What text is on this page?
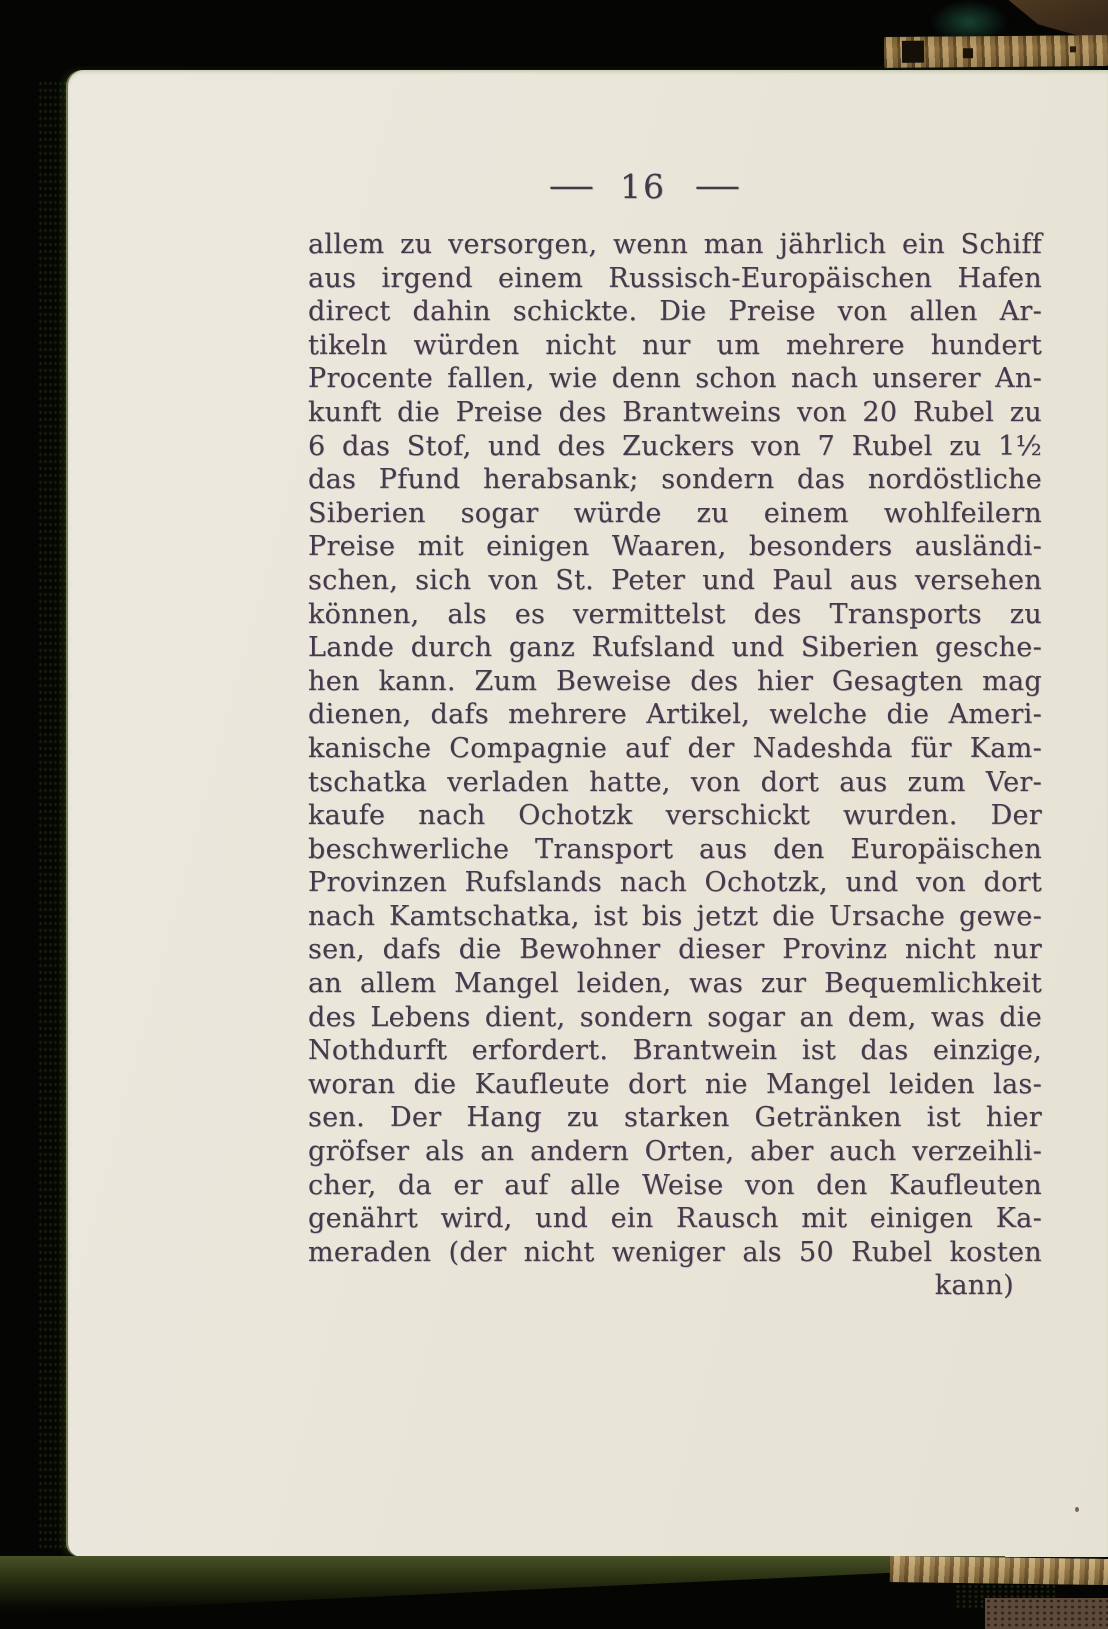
— 16 —
allem zu versorgen, wenn man jährlich ein Schiff
aus irgend einem Russisch-Europäischen Hafen
direct dahin schickte. Die Preise von allen Ar-
tikeln würden nicht nur um mehrere hundert
Procente fallen, wie denn schon nach unserer An-
kunft die Preise des Brantweins von 20 Rubel zu
6 das Stof, und des Zuckers von 7 Rubel zu 1½
das Pfund herabsank; sondern das nordöstliche
Siberien sogar würde zu einem wohlfeilern
Preise mit einigen Waaren, besonders ausländi-
schen, sich von St. Peter und Paul aus versehen
können, als es vermittelst des Transports zu
Lande durch ganz Rufsland und Siberien gesche-
hen kann. Zum Beweise des hier Gesagten mag
dienen, dafs mehrere Artikel, welche die Ameri-
kanische Compagnie auf der Nadeshda für Kam-
tschatka verladen hatte, von dort aus zum Ver-
kaufe nach Ochotzk verschickt wurden. Der
beschwerliche Transport aus den Europäischen
Provinzen Rufslands nach Ochotzk, und von dort
nach Kamtschatka, ist bis jetzt die Ursache gewe-
sen, dafs die Bewohner dieser Provinz nicht nur
an allem Mangel leiden, was zur Bequemlichkeit
des Lebens dient, sondern sogar an dem, was die
Nothdurft erfordert. Brantwein ist das einzige,
woran die Kaufleute dort nie Mangel leiden las-
sen. Der Hang zu starken Getränken ist hier
gröfser als an andern Orten, aber auch verzeihli-
cher, da er auf alle Weise von den Kaufleuten
genährt wird, und ein Rausch mit einigen Ka-
meraden (der nicht weniger als 50 Rubel kosten
kann)
